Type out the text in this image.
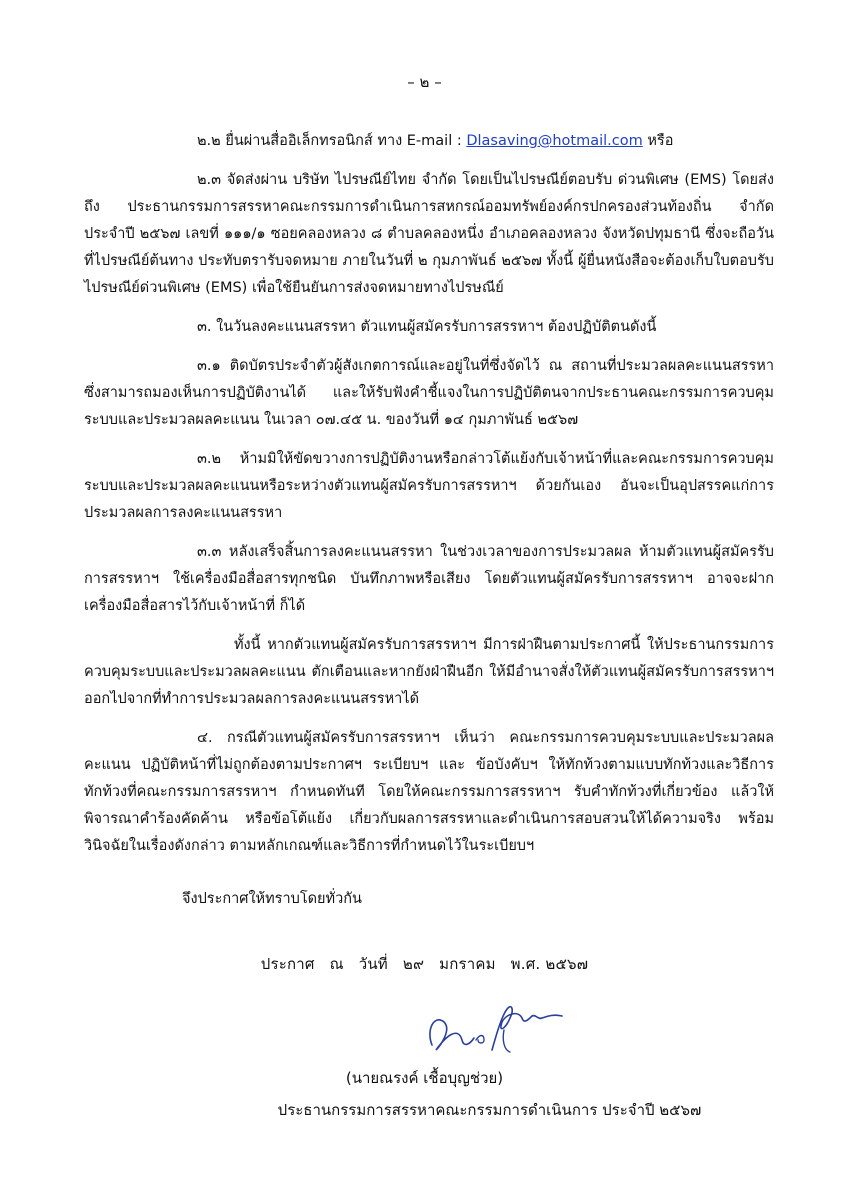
– ๒ –

๒.๒ ยื่นผ่านสื่ออิเล็กทรอนิกส์ ทาง E-mail : Dlasaving@hotmail.com หรือ

๒.๓ จัดส่งผ่าน บริษัท ไปรษณีย์ไทย จำกัด โดยเป็นไปรษณีย์ตอบรับ ด่วนพิเศษ (EMS) โดยส่งถึง ประธานกรรมการสรรหาคณะกรรมการดำเนินการสหกรณ์ออมทรัพย์องค์กรปกครองส่วนท้องถิ่น จำกัด ประจำปี ๒๕๖๗ เลขที่ ๑๑๑/๑ ซอยคลองหลวง ๘ ตำบลคลองหนึ่ง อำเภอคลองหลวง จังหวัดปทุมธานี ซึ่งจะถือวันที่ไปรษณีย์ต้นทาง ประทับตรารับจดหมาย ภายในวันที่ ๒ กุมภาพันธ์ ๒๕๖๗ ทั้งนี้ ผู้ยื่นหนังสือจะต้องเก็บใบตอบรับไปรษณีย์ด่วนพิเศษ (EMS) เพื่อใช้ยืนยันการส่งจดหมายทางไปรษณีย์

๓. ในวันลงคะแนนสรรหา ตัวแทนผู้สมัครรับการสรรหาฯ ต้องปฏิบัติตนดังนี้

๓.๑ ติดบัตรประจำตัวผู้สังเกตการณ์และอยู่ในที่ซึ่งจัดไว้ ณ สถานที่ประมวลผลคะแนนสรรหา ซึ่งสามารถมองเห็นการปฏิบัติงานได้ และให้รับฟังคำชี้แจงในการปฏิบัติตนจากประธานคณะกรรมการควบคุมระบบและประมวลผลคะแนน ในเวลา ๐๗.๔๕ น. ของวันที่ ๑๔ กุมภาพันธ์ ๒๕๖๗

๓.๒ ห้ามมิให้ขัดขวางการปฏิบัติงานหรือกล่าวโต้แย้งกับเจ้าหน้าที่และคณะกรรมการควบคุมระบบและประมวลผลคะแนนหรือระหว่างตัวแทนผู้สมัครรับการสรรหาฯ ด้วยกันเอง อันจะเป็นอุปสรรคแก่การประมวลผลการลงคะแนนสรรหา

๓.๓ หลังเสร็จสิ้นการลงคะแนนสรรหา ในช่วงเวลาของการประมวลผล ห้ามตัวแทนผู้สมัครรับการสรรหาฯ ใช้เครื่องมือสื่อสารทุกชนิด บันทึกภาพหรือเสียง โดยตัวแทนผู้สมัครรับการสรรหาฯ อาจจะฝากเครื่องมือสื่อสารไว้กับเจ้าหน้าที่ ก็ได้

ทั้งนี้ หากตัวแทนผู้สมัครรับการสรรหาฯ มีการฝ่าฝืนตามประกาศนี้ ให้ประธานกรรมการควบคุมระบบและประมวลผลคะแนน ตักเตือนและหากยังฝ่าฝืนอีก ให้มีอำนาจสั่งให้ตัวแทนผู้สมัครรับการสรรหาฯ ออกไปจากที่ทำการประมวลผลการลงคะแนนสรรหาได้

๔. กรณีตัวแทนผู้สมัครรับการสรรหาฯ เห็นว่า คณะกรรมการควบคุมระบบและประมวลผลคะแนน ปฏิบัติหน้าที่ไม่ถูกต้องตามประกาศฯ ระเบียบฯ และ ข้อบังคับฯ ให้ทักท้วงตามแบบทักท้วงและวิธีการทักท้วงที่คณะกรรมการสรรหาฯ กำหนดทันที โดยให้คณะกรรมการสรรหาฯ รับคำทักท้วงที่เกี่ยวข้อง แล้วให้พิจารณาคำร้องคัดค้าน หรือข้อโต้แย้ง เกี่ยวกับผลการสรรหาและดำเนินการสอบสวนให้ได้ความจริง พร้อมวินิจฉัยในเรื่องดังกล่าว ตามหลักเกณฑ์และวิธีการที่กำหนดไว้ในระเบียบฯ

จึงประกาศให้ทราบโดยทั่วกัน

ประกาศ ณ วันที่ ๒๙ มกราคม พ.ศ. ๒๕๖๗
(นายณรงค์ เชื้อบุญช่วย)
ประธานกรรมการสรรหาคณะกรรมการดำเนินการ ประจำปี ๒๕๖๗
